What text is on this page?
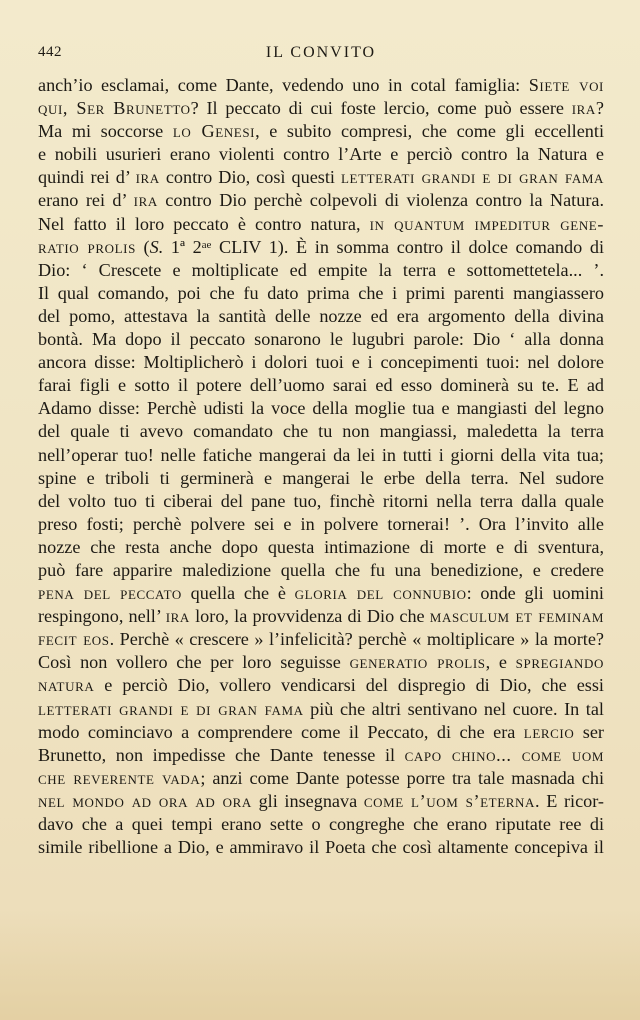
442	IL CONVITO
anch’io esclamai, come Dante, vedendo uno in cotal famiglia: Siete voi
qui, Ser Brunetto? Il peccato di cui foste lercio, come può essere ira?
Ma mi soccorse lo Genesi, e subito compresi, che come gli eccellenti
e nobili usurieri erano violenti contro l’Arte e perciò contro la Natura e
quindi rei d’ ira contro Dio, così questi letterati grandi e di gran fama
erano rei d’ ira contro Dio perchè colpevoli di violenza contro la Natura.
Nel fatto il loro peccato è contro natura, in quantum impeditur gene-
ratio prolis (S. 1ª 2ᵃᵉ CLIV 1). È in somma contro il dolce comando di
Dio: ‘ Crescete e moltiplicate ed empite la terra e sottomettetela... ’.
Il qual comando, poi che fu dato prima che i primi parenti mangiassero
del pomo, attestava la santità delle nozze ed era argomento della divina
bontà. Ma dopo il peccato sonarono le lugubri parole: Dio ‘ alla donna
ancora disse: Moltiplicherò i dolori tuoi e i concepimenti tuoi: nel dolore
farai figli e sotto il potere dell’uomo sarai ed esso dominerà su te. E ad
Adamo disse: Perchè udisti la voce della moglie tua e mangiasti del legno
del quale ti avevo comandato che tu non mangiassi, maledetta la terra
nell’operar tuo! nelle fatiche mangerai da lei in tutti i giorni della vita tua;
spine e triboli ti germinerà e mangerai le erbe della terra. Nel sudore
del volto tuo ti ciberai del pane tuo, finchè ritorni nella terra dalla quale
preso fosti; perchè polvere sei e in polvere tornerai! ’. Ora l’invito alle
nozze che resta anche dopo questa intimazione di morte e di sventura,
può fare apparire maledizione quella che fu una benedizione, e credere
pena del peccato quella che è gloria del connubio: onde gli uomini
respingono, nell’ ira loro, la provvidenza di Dio che masculum et feminam
fecit eos. Perchè « crescere » l’infelicità? perchè « moltiplicare » la morte?
Così non vollero che per loro seguisse generatio prolis, e spregiando
natura e perciò Dio, vollero vendicarsi del dispregio di Dio, che essi
letterati grandi e di gran fama più che altri sentivano nel cuore. In tal
modo cominciavo a comprendere come il Peccato, di che era lercio ser
Brunetto, non impedisse che Dante tenesse il capo chino... come uom
che reverente vada; anzi come Dante potesse porre tra tale masnada chi
nel mondo ad ora ad ora gli insegnava come l’uom s’eterna. E ricor-
davo che a quei tempi erano sette o congreghe che erano riputate ree di
simile ribellione a Dio, e ammiravo il Poeta che così altamente concepiva il
